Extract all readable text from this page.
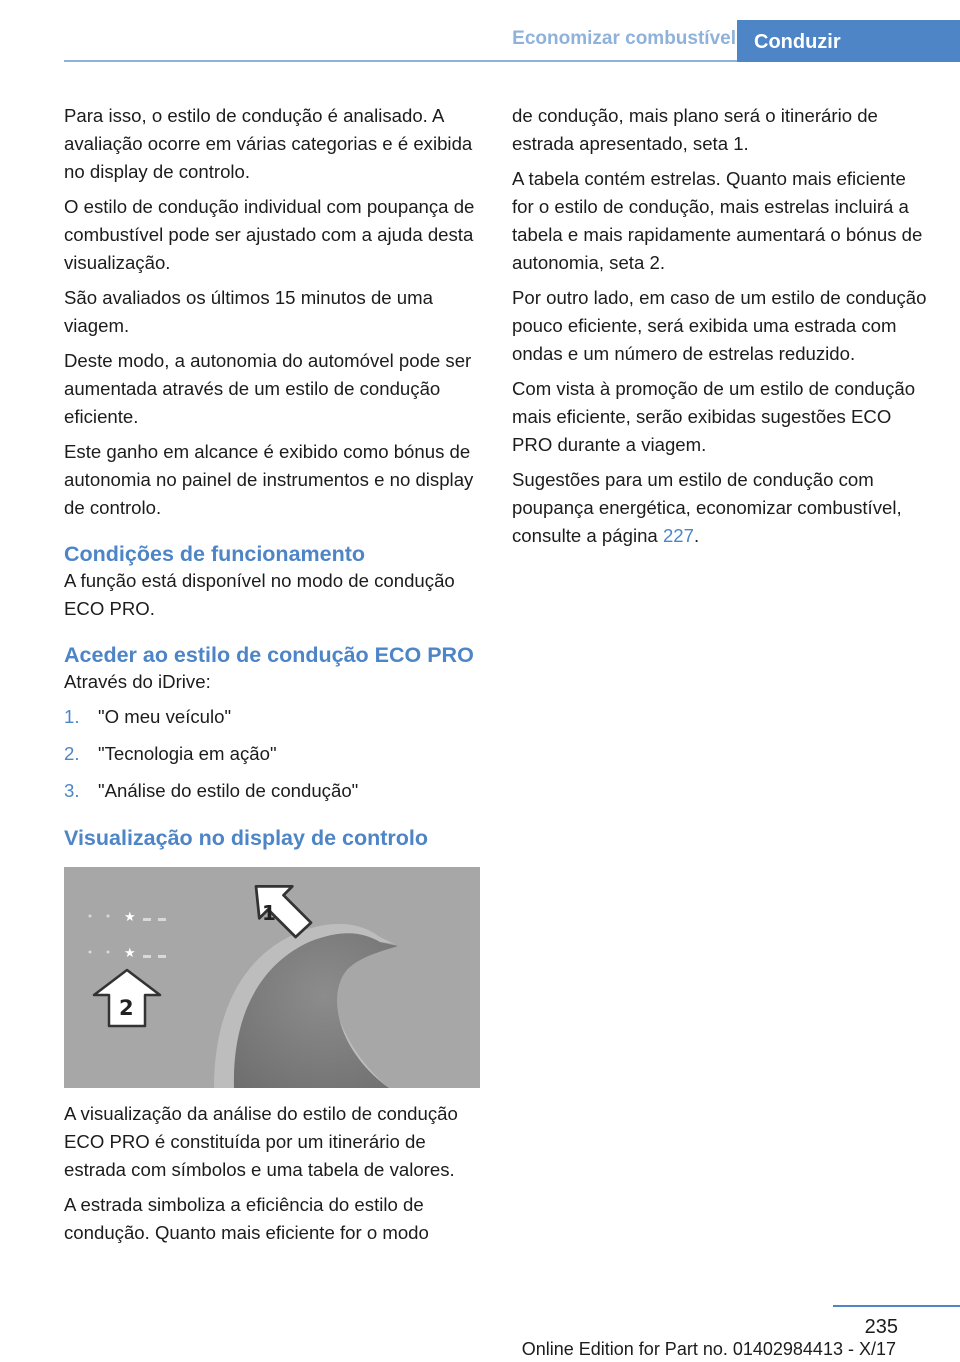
Economizar combustível Conduzir

Para isso, o estilo de condução é analisado. A avaliação ocorre em várias categorias e é exibida no display de controlo.

O estilo de condução individual com poupança de combustível pode ser ajustado com a ajuda desta visualização.

São avaliados os últimos 15 minutos de uma viagem.

Deste modo, a autonomia do automóvel pode ser aumentada através de um estilo de condução eficiente.

Este ganho em alcance é exibido como bónus de autonomia no painel de instrumentos e no display de controlo.

Condições de funcionamento

A função está disponível no modo de condução ECO PRO.

Aceder ao estilo de condução ECO PRO

Através do iDrive:

1. "O meu veículo"
2. "Tecnologia em ação"
3. "Análise do estilo de condução"
Visualização no display de controlo
★
★
1
2

A visualização da análise do estilo de condução ECO PRO é constituída por um itinerário de estrada com símbolos e uma tabela de valores.

A estrada simboliza a eficiência do estilo de condução. Quanto mais eficiente for o modo

de condução, mais plano será o itinerário de estrada apresentado, seta 1.

A tabela contém estrelas. Quanto mais eficiente for o estilo de condução, mais estrelas incluirá a tabela e mais rapidamente aumentará o bónus de autonomia, seta 2.

Por outro lado, em caso de um estilo de condução pouco eficiente, será exibida uma estrada com ondas e um número de estrelas reduzido.

Com vista à promoção de um estilo de condução mais eficiente, serão exibidas sugestões ECO PRO durante a viagem.

Sugestões para um estilo de condução com poupança energética, economizar combustível, consulte a página 227.

235
Online Edition for Part no. 01402984413 - X/17
